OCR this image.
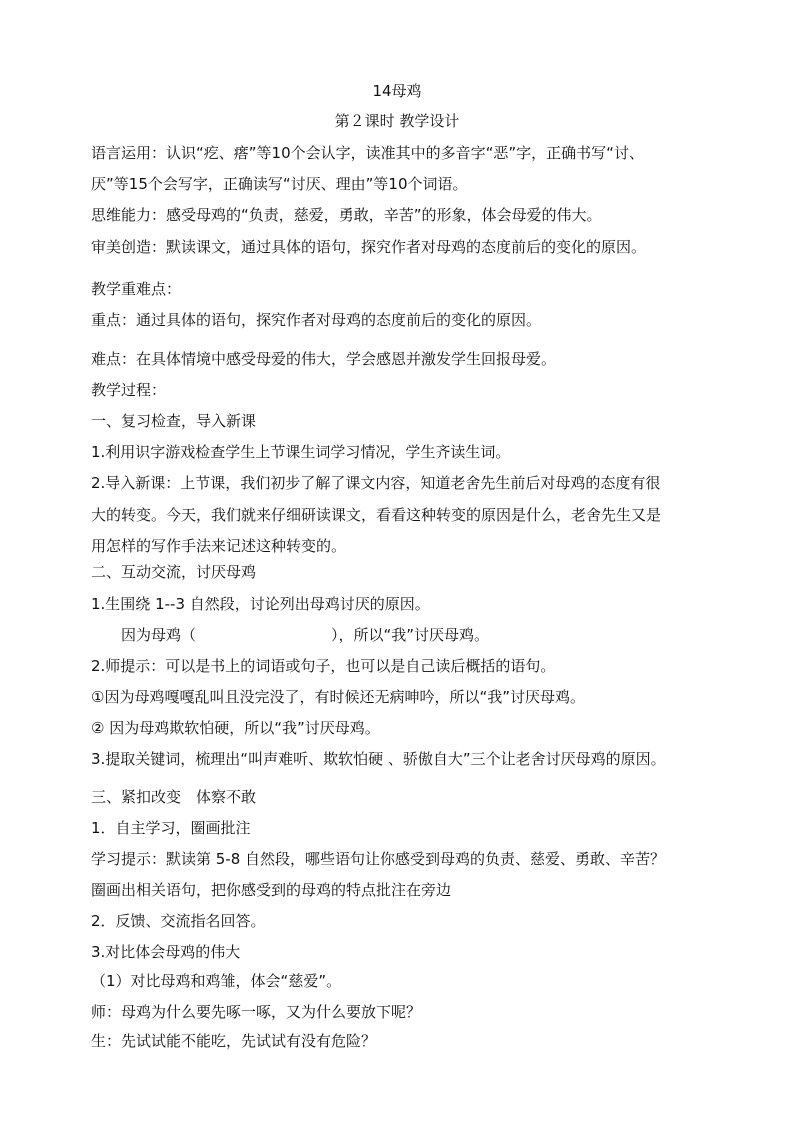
14母鸡
第２课时 教学设计
语言运用：认识“疙、瘩”等10个会认字，读准其中的多音字“恶”字，正确书写“讨、
厌”等15个会写字，正确读写“讨厌、理由”等10个词语。
思维能力：感受母鸡的“负责，慈爱，勇敢，辛苦”的形象，体会母爱的伟大。
审美创造：默读课文，通过具体的语句，探究作者对母鸡的态度前后的变化的原因。
教学重难点：
重点：通过具体的语句，探究作者对母鸡的态度前后的变化的原因。
难点：在具体情境中感受母爱的伟大，学会感恩并激发学生回报母爱。
教学过程：
一、复习检查，导入新课
1.利用识字游戏检查学生上节课生词学习情况，学生齐读生词。
2.导入新课：上节课，我们初步了解了课文内容，知道老舍先生前后对母鸡的态度有很
大的转变。今天，我们就来仔细研读课文，看看这种转变的原因是什么，老舍先生又是
用怎样的写作手法来记述这种转变的。
二、互动交流，讨厌母鸡
1.生围绕 1--3 自然段，讨论列出母鸡讨厌的原因。
因为母鸡（	），所以“我”讨厌母鸡。
2.师提示：可以是书上的词语或句子，也可以是自己读后概括的语句。
①因为母鸡嘎嘎乱叫且没完没了，有时候还无病呻吟，所以“我”讨厌母鸡。
② 因为母鸡欺软怕硬，所以“我”讨厌母鸡。
3.提取关键词，梳理出“叫声难听、欺软怕硬 、骄傲自大”三个让老舍讨厌母鸡的原因。
三、紧扣改变　体察不敢
1．自主学习，圈画批注
学习提示：默读第 5-8 自然段，哪些语句让你感受到母鸡的负责、慈爱、勇敢、辛苦？
圈画出相关语句，把你感受到的母鸡的特点批注在旁边
2．反馈、交流指名回答。
3.对比体会母鸡的伟大
（1）对比母鸡和鸡雏，体会“慈爱”。
师：母鸡为什么要先啄一啄，又为什么要放下呢？
生：先试试能不能吃，先试试有没有危险？
